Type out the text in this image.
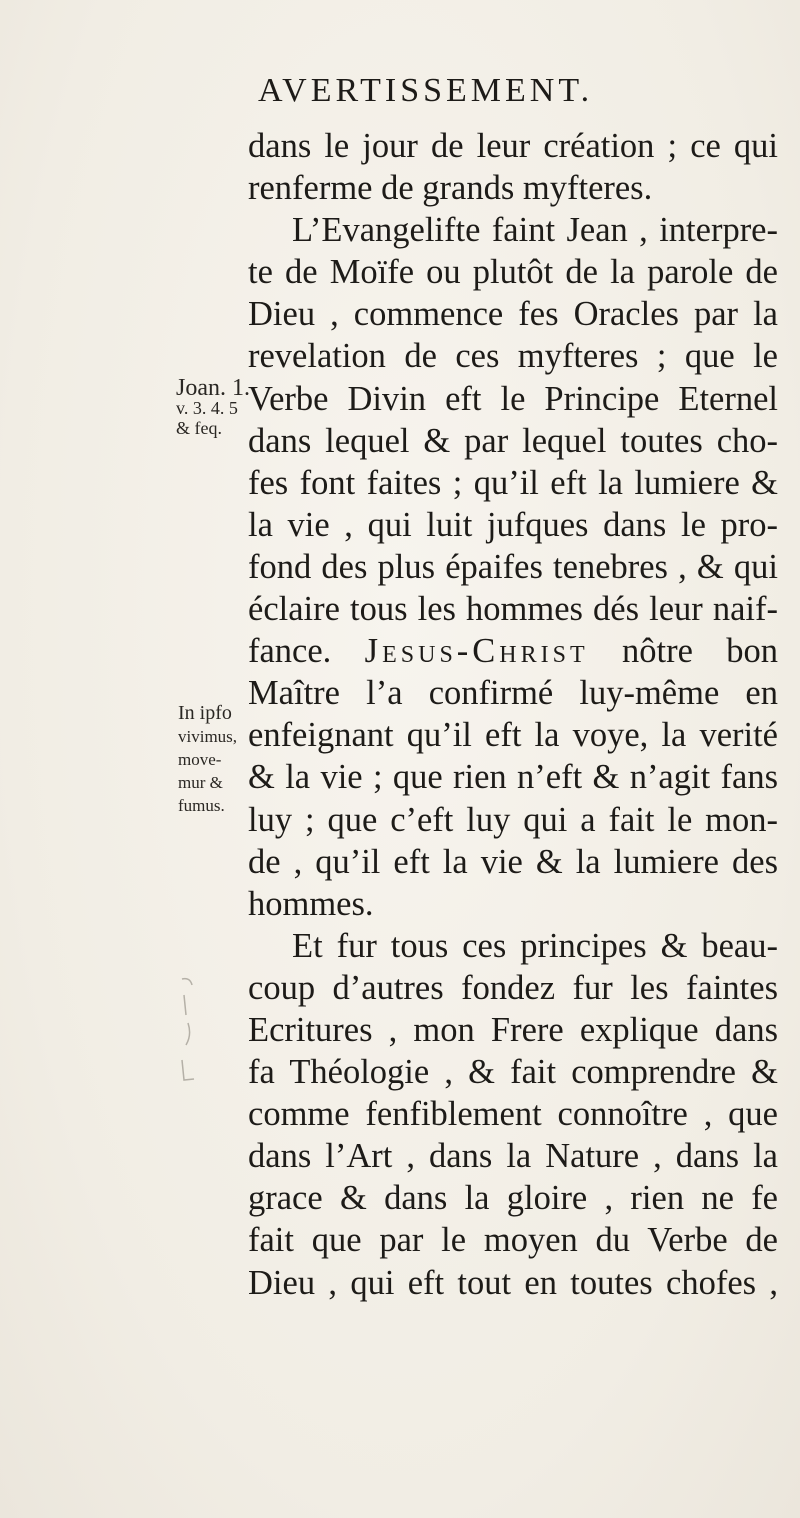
AVERTISSEMENT.
Joan. 1.
v. 3. 4. 5
& feq.
In ipfo
vivimus,
move-
mur &
fumus.
dans le jour de leur création ; ce qui
renferme de grands myfteres.
L’Evangelifte faint Jean , interpre-
te de Moïfe ou plutôt de la parole de
Dieu , commence fes Oracles par la
revelation de ces myfteres ; que le
Verbe Divin eft le Principe Eternel
dans lequel & par lequel toutes cho-
fes font faites ; qu’il eft la lumiere &
la vie , qui luit jufques dans le pro-
fond des plus épaifes tenebres , & qui
éclaire tous les hommes dés leur naif-
fance. Jesus-Christ nôtre bon
Maître l’a confirmé luy-même en
enfeignant qu’il eft la voye, la verité
& la vie ; que rien n’eft & n’agit fans
luy ; que c’eft luy qui a fait le mon-
de , qu’il eft la vie & la lumiere des
hommes.
Et fur tous ces principes & beau-
coup d’autres fondez fur les faintes
Ecritures , mon Frere explique dans
fa Théologie , & fait comprendre &
comme fenfiblement connoître , que
dans l’Art , dans la Nature , dans la
grace & dans la gloire , rien ne fe
fait que par le moyen du Verbe de
Dieu , qui eft tout en toutes chofes ,
